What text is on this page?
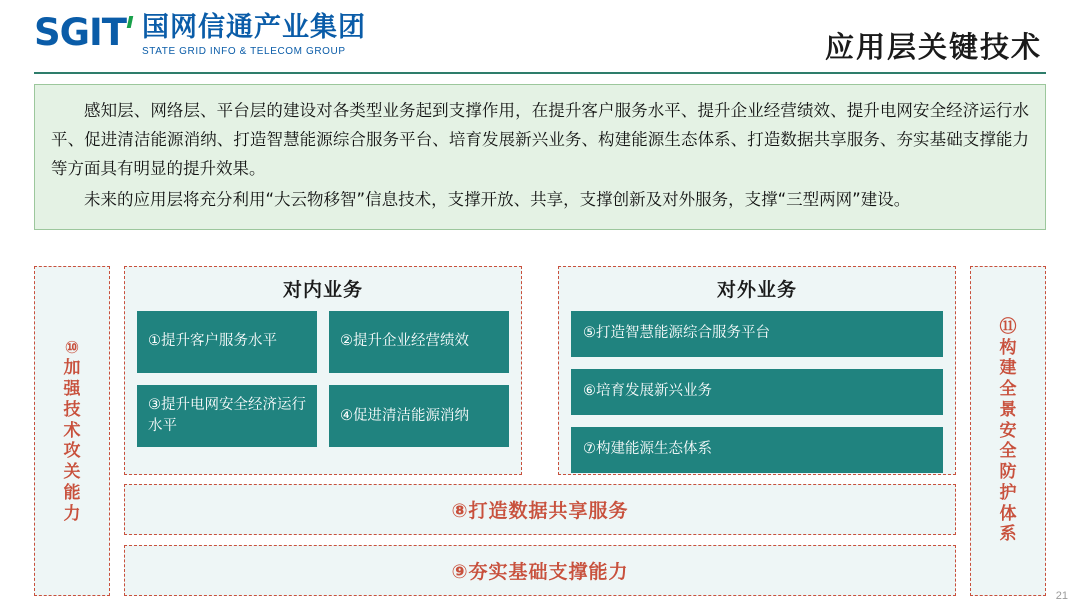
SGIT 国网信通产业集团
STATE GRID INFO & TELECOM GROUP	应用层关键技术

感知层、网络层、平台层的建设对各类型业务起到支撑作用，在提升客户服务水平、提升企业经营绩效、提升电网安全经济运行水平、促进清洁能源消纳、打造智慧能源综合服务平台、培育发展新兴业务、构建能源生态体系、打造数据共享服务、夯实基础支撑能力等方面具有明显的提升效果。

未来的应用层将充分利用“大云物移智”信息技术，支撑开放、共享，支撑创新及对外服务，支撑“三型两网”建设。

⑩加强技术攻关能力
⑪构建全景安全防护体系
对内业务
①提升客户服务水平	②提升企业经营绩效
③提升电网安全经济运行水平
④促进清洁能源消纳
对外业务
⑤打造智慧能源综合服务平台
⑥培育发展新兴业务
⑦构建能源生态体系
⑧打造数据共享服务
⑨夯实基础支撑能力
21
